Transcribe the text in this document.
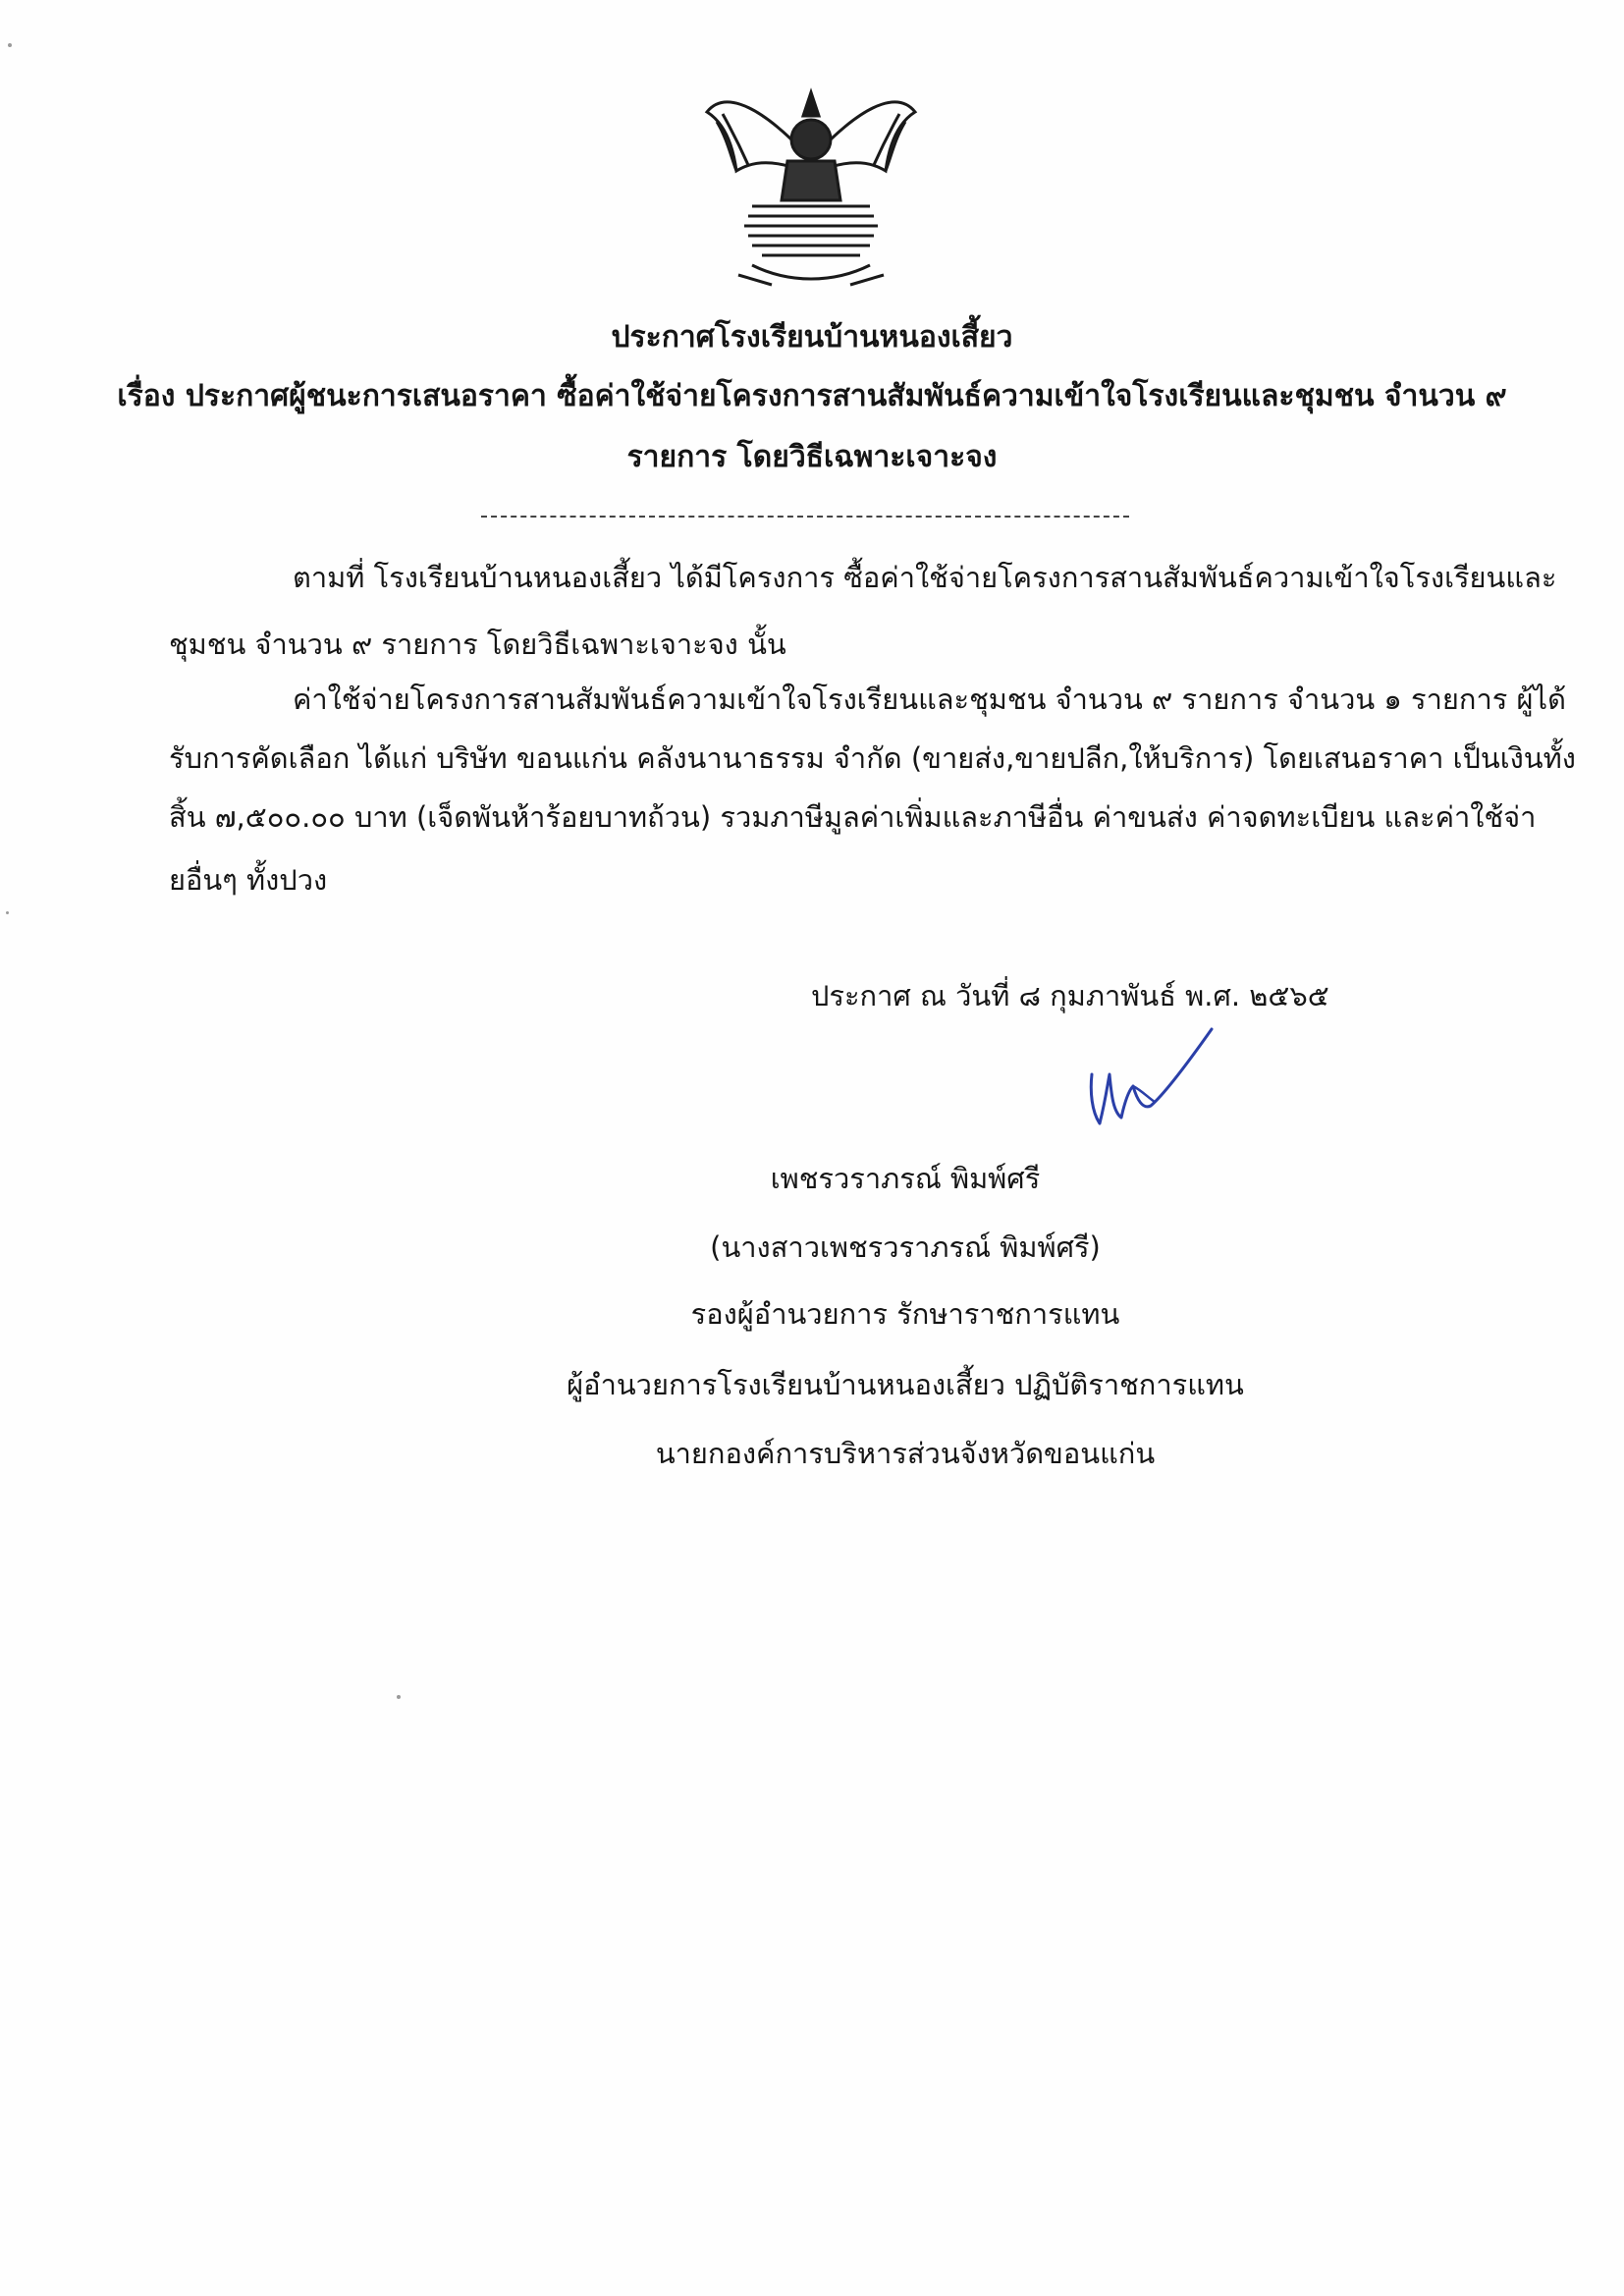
ประกาศโรงเรียนบ้านหนองเสี้ยว
เรื่อง ประกาศผู้ชนะการเสนอราคา ซื้อค่าใช้จ่ายโครงการสานสัมพันธ์ความเข้าใจโรงเรียนและชุมชน จำนวน ๙
รายการ โดยวิธีเฉพาะเจาะจง
ตามที่ โรงเรียนบ้านหนองเสี้ยว ได้มีโครงการ ซื้อค่าใช้จ่ายโครงการสานสัมพันธ์ความเข้าใจโรงเรียนและ
ชุมชน จำนวน ๙ รายการ โดยวิธีเฉพาะเจาะจง นั้น
ค่าใช้จ่ายโครงการสานสัมพันธ์ความเข้าใจโรงเรียนและชุมชน จำนวน ๙ รายการ จำนวน ๑ รายการ ผู้ได้
รับการคัดเลือก ได้แก่ บริษัท ขอนแก่น คลังนานาธรรม จำกัด (ขายส่ง,ขายปลีก,ให้บริการ) โดยเสนอราคา เป็นเงินทั้ง
สิ้น ๗,๕๐๐.๐๐ บาท (เจ็ดพันห้าร้อยบาทถ้วน) รวมภาษีมูลค่าเพิ่มและภาษีอื่น ค่าขนส่ง ค่าจดทะเบียน และค่าใช้จ่า
ยอื่นๆ ทั้งปวง
ประกาศ ณ วันที่ ๘ กุมภาพันธ์ พ.ศ. ๒๕๖๕
เพชรวราภรณ์ พิมพ์ศรี
(นางสาวเพชรวราภรณ์ พิมพ์ศรี)
รองผู้อำนวยการ รักษาราชการแทน
ผู้อำนวยการโรงเรียนบ้านหนองเสี้ยว ปฏิบัติราชการแทน
นายกองค์การบริหารส่วนจังหวัดขอนแก่น
